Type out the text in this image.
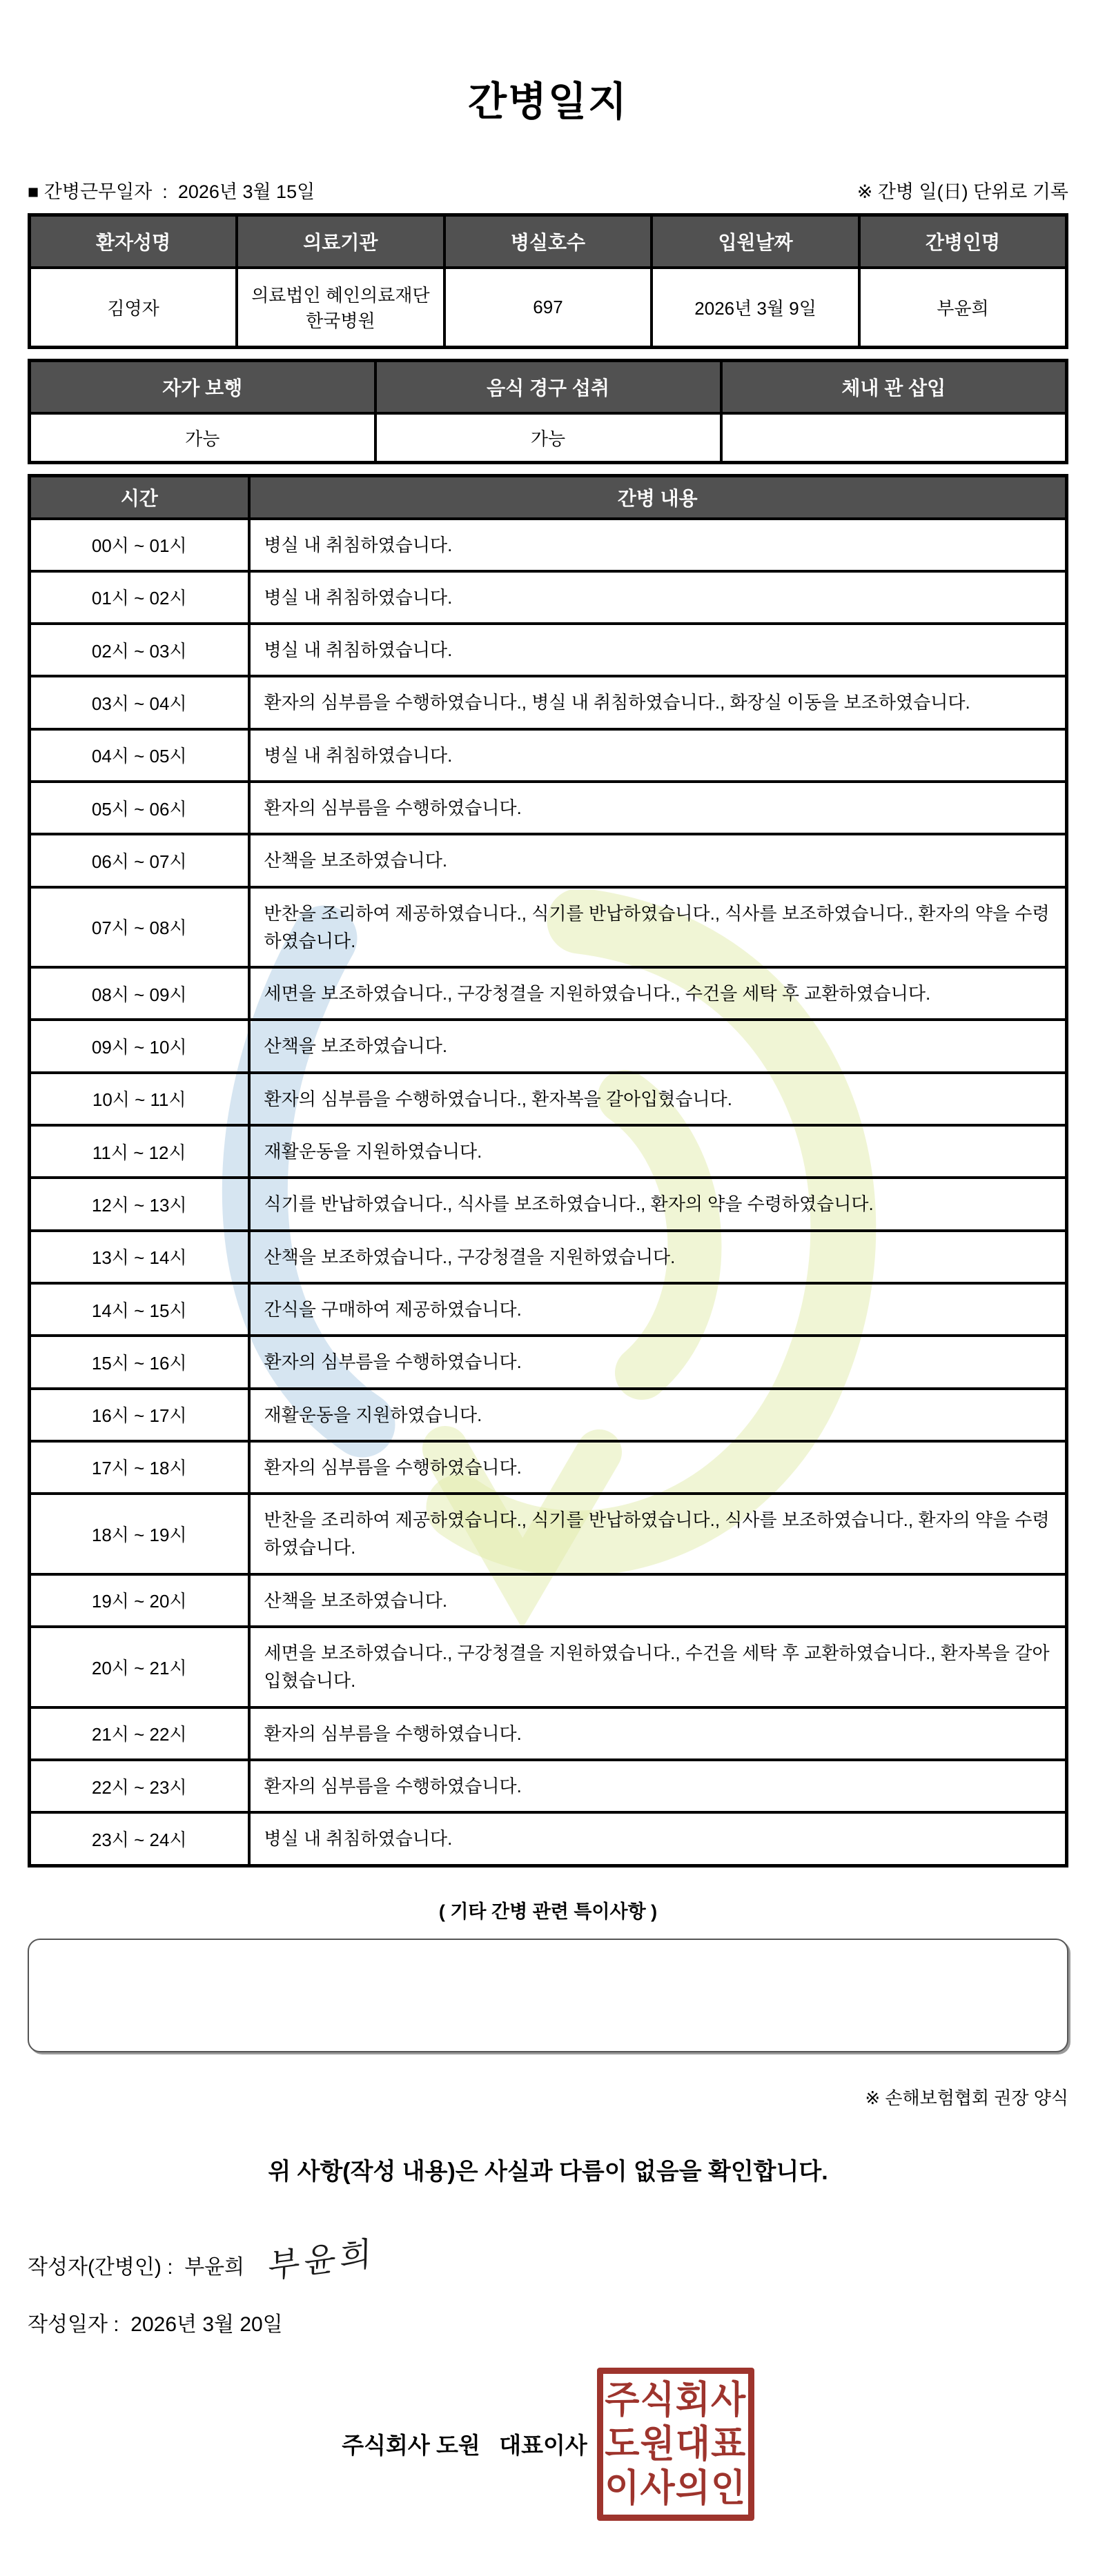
간병일지
■ 간병근무일자  :  2026년 3월 15일	※ 간병 일(日) 단위로 기록
환자성명	의료기관	병실호수	입원날짜	간병인명
김영자	의료법인 혜인의료재단 한국병원	697	2026년 3월 9일	부윤희
자가 보행	음식 경구 섭취	체내 관 삽입
가능	가능	
시간	간병 내용
00시 ~ 01시	병실 내 취침하였습니다.
01시 ~ 02시	병실 내 취침하였습니다.
02시 ~ 03시	병실 내 취침하였습니다.
03시 ~ 04시	환자의 심부름을 수행하였습니다., 병실 내 취침하였습니다., 화장실 이동을 보조하였습니다.
04시 ~ 05시	병실 내 취침하였습니다.
05시 ~ 06시	환자의 심부름을 수행하였습니다.
06시 ~ 07시	산책을 보조하였습니다.
07시 ~ 08시	반찬을 조리하여 제공하였습니다., 식기를 반납하였습니다., 식사를 보조하였습니다., 환자의 약을 수령하였습니다.
08시 ~ 09시	세면을 보조하였습니다., 구강청결을 지원하였습니다., 수건을 세탁 후 교환하였습니다.
09시 ~ 10시	산책을 보조하였습니다.
10시 ~ 11시	환자의 심부름을 수행하였습니다., 환자복을 갈아입혔습니다.
11시 ~ 12시	재활운동을 지원하였습니다.
12시 ~ 13시	식기를 반납하였습니다., 식사를 보조하였습니다., 환자의 약을 수령하였습니다.
13시 ~ 14시	산책을 보조하였습니다., 구강청결을 지원하였습니다.
14시 ~ 15시	간식을 구매하여 제공하였습니다.
15시 ~ 16시	환자의 심부름을 수행하였습니다.
16시 ~ 17시	재활운동을 지원하였습니다.
17시 ~ 18시	환자의 심부름을 수행하였습니다.
18시 ~ 19시	반찬을 조리하여 제공하였습니다., 식기를 반납하였습니다., 식사를 보조하였습니다., 환자의 약을 수령하였습니다.
19시 ~ 20시	산책을 보조하였습니다.
20시 ~ 21시	세면을 보조하였습니다., 구강청결을 지원하였습니다., 수건을 세탁 후 교환하였습니다., 환자복을 갈아입혔습니다.
21시 ~ 22시	환자의 심부름을 수행하였습니다.
22시 ~ 23시	환자의 심부름을 수행하였습니다.
23시 ~ 24시	병실 내 취침하였습니다.
( 기타 간병 관련 특이사항 )
※ 손해보험협회 권장 양식
위 사항(작성 내용)은 사실과 다름이 없음을 확인합니다.
작성자(간병인) :  부윤희 부윤희
작성일자 :  2026년 3월 20일
주식회사 도원   대표이사
주식회사
도원대표
이사의인
